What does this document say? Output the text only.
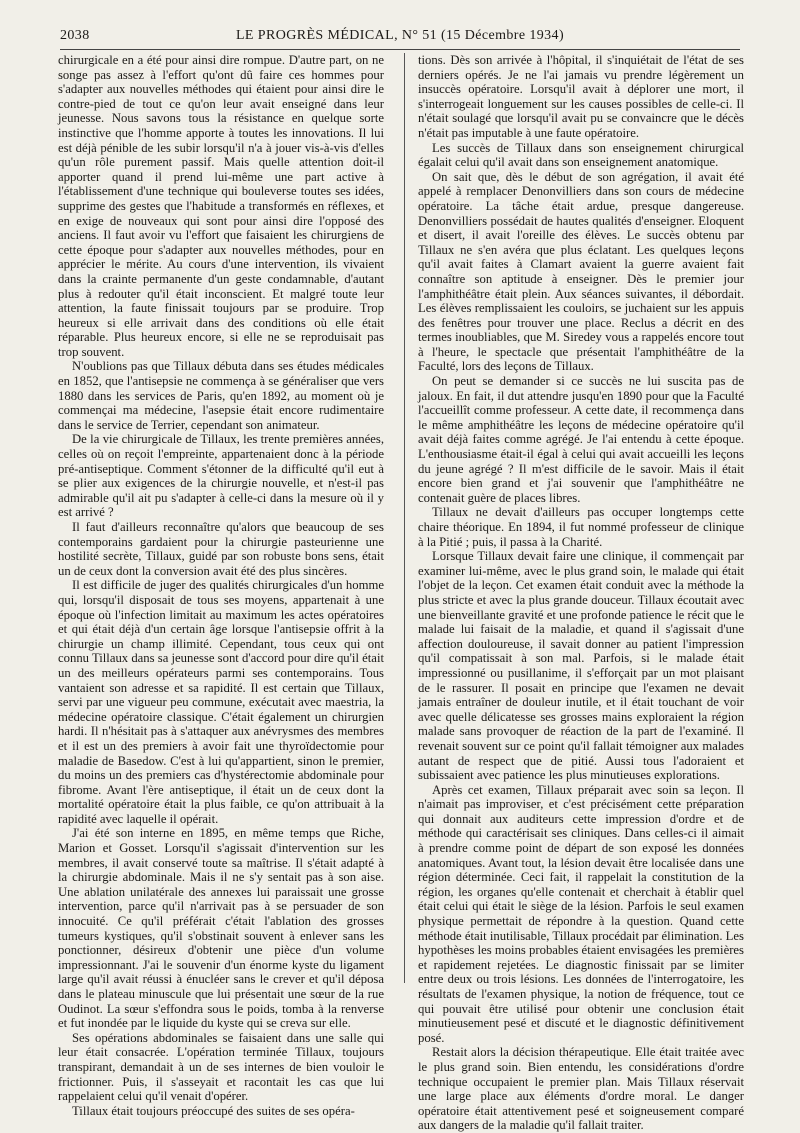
2038	LE PROGRÈS MÉDICAL, N° 51 (15 Décembre 1934)

chirurgicale en a été pour ainsi dire rompue. D'autre part, on ne songe pas assez à l'effort qu'ont dû faire ces hommes pour s'adapter aux nouvelles méthodes qui étaient pour ainsi dire le contre-pied de tout ce qu'on leur avait enseigné dans leur jeunesse. Nous savons tous la résistance en quelque sorte instinctive que l'homme apporte à toutes les innovations. Il lui est déjà pénible de les subir lorsqu'il n'a à jouer vis-à-vis d'elles qu'un rôle purement passif. Mais quelle attention doit-il apporter quand il prend lui-même une part active à l'établissement d'une technique qui bouleverse toutes ses idées, supprime des gestes que l'habitude a transformés en réflexes, et en exige de nouveaux qui sont pour ainsi dire l'opposé des anciens. Il faut avoir vu l'effort que faisaient les chirurgiens de cette époque pour s'adapter aux nouvelles méthodes, pour en apprécier le mérite. Au cours d'une intervention, ils vivaient dans la crainte permanente d'un geste condamnable, d'autant plus à redouter qu'il était inconscient. Et malgré toute leur attention, la faute finissait toujours par se produire. Trop heureux si elle arrivait dans des conditions où elle était réparable. Plus heureux encore, si elle ne se reproduisait pas trop souvent.

N'oublions pas que Tillaux débuta dans ses études médicales en 1852, que l'antisepsie ne commença à se généraliser que vers 1880 dans les services de Paris, qu'en 1892, au moment où je commençai ma médecine, l'asepsie était encore rudimentaire dans le service de Terrier, cependant son animateur.

De la vie chirurgicale de Tillaux, les trente premières années, celles où on reçoit l'empreinte, appartenaient donc à la période pré-antiseptique. Comment s'étonner de la difficulté qu'il eut à se plier aux exigences de la chirurgie nouvelle, et n'est-il pas admirable qu'il ait pu s'adapter à celle-ci dans la mesure où il y est arrivé ?

Il faut d'ailleurs reconnaître qu'alors que beaucoup de ses contemporains gardaient pour la chirurgie pasteurienne une hostilité secrète, Tillaux, guidé par son robuste bons sens, était un de ceux dont la conversion avait été des plus sincères.

Il est difficile de juger des qualités chirurgicales d'un homme qui, lorsqu'il disposait de tous ses moyens, appartenait à une époque où l'infection limitait au maximum les actes opératoires et qui était déjà d'un certain âge lorsque l'antisepsie offrit à la chirurgie un champ illimité. Cependant, tous ceux qui ont connu Tillaux dans sa jeunesse sont d'accord pour dire qu'il était un des meilleurs opérateurs parmi ses contemporains. Tous vantaient son adresse et sa rapidité. Il est certain que Tillaux, servi par une vigueur peu commune, exécutait avec maestria, la médecine opératoire classique. C'était également un chirurgien hardi. Il n'hésitait pas à s'attaquer aux anévrysmes des membres et il est un des premiers à avoir fait une thyroïdectomie pour maladie de Basedow. C'est à lui qu'appartient, sinon le premier, du moins un des premiers cas d'hystérectomie abdominale pour fibrome. Avant l'ère antiseptique, il était un de ceux dont la mortalité opératoire était la plus faible, ce qu'on attribuait à la rapidité avec laquelle il opérait.

J'ai été son interne en 1895, en même temps que Riche, Marion et Gosset. Lorsqu'il s'agissait d'intervention sur les membres, il avait conservé toute sa maîtrise. Il s'était adapté à la chirurgie abdominale. Mais il ne s'y sentait pas à son aise. Une ablation unilatérale des annexes lui paraissait une grosse intervention, parce qu'il n'arrivait pas à se persuader de son innocuité. Ce qu'il préférait c'était l'ablation des grosses tumeurs kystiques, qu'il s'obstinait souvent à enlever sans les ponctionner, désireux d'obtenir une pièce d'un volume impressionnant. J'ai le souvenir d'un énorme kyste du ligament large qu'il avait réussi à énucléer sans le crever et qu'il déposa dans le plateau minuscule que lui présentait une sœur de la rue Oudinot. La sœur s'effondra sous le poids, tomba à la renverse et fut inondée par le liquide du kyste qui se creva sur elle.

Ses opérations abdominales se faisaient dans une salle qui leur était consacrée. L'opération terminée Tillaux, toujours transpirant, demandait à un de ses internes de bien vouloir le frictionner. Puis, il s'asseyait et racontait les cas que lui rappelaient celui qu'il venait d'opérer.

Tillaux était toujours préoccupé des suites de ses opéra-

tions. Dès son arrivée à l'hôpital, il s'inquiétait de l'état de ses derniers opérés. Je ne l'ai jamais vu prendre légèrement un insuccès opératoire. Lorsqu'il avait à déplorer une mort, il s'interrogeait longuement sur les causes possibles de celle-ci. Il n'était soulagé que lorsqu'il avait pu se convaincre que le décès n'était pas imputable à une faute opératoire.

Les succès de Tillaux dans son enseignement chirurgical égalait celui qu'il avait dans son enseignement anatomique.

On sait que, dès le début de son agrégation, il avait été appelé à remplacer Denonvilliers dans son cours de médecine opératoire. La tâche était ardue, presque dangereuse. Denonvilliers possédait de hautes qualités d'enseigner. Eloquent et disert, il avait l'oreille des élèves. Le succès obtenu par Tillaux ne s'en avéra que plus éclatant. Les quelques leçons qu'il avait faites à Clamart avaient la guerre avaient fait connaître son aptitude à enseigner. Dès le premier jour l'amphithéâtre était plein. Aux séances suivantes, il débordait. Les élèves remplissaient les couloirs, se juchaient sur les appuis des fenêtres pour trouver une place. Reclus a décrit en des termes inoubliables, que M. Siredey vous a rappelés encore tout à l'heure, le spectacle que présentait l'amphithéâtre de la Faculté, lors des leçons de Tillaux.

On peut se demander si ce succès ne lui suscita pas de jaloux. En fait, il dut attendre jusqu'en 1890 pour que la Faculté l'accueillît comme professeur. A cette date, il recommença dans le même amphithéâtre les leçons de médecine opératoire qu'il avait déjà faites comme agrégé. Je l'ai entendu à cette époque. L'enthousiasme était-il égal à celui qui avait accueilli les leçons du jeune agrégé ? Il m'est difficile de le savoir. Mais il était encore bien grand et j'ai souvenir que l'amphithéâtre ne contenait guère de places libres.

Tillaux ne devait d'ailleurs pas occuper longtemps cette chaire théorique. En 1894, il fut nommé professeur de clinique à la Pitié ; puis, il passa à la Charité.

Lorsque Tillaux devait faire une clinique, il commençait par examiner lui-même, avec le plus grand soin, le malade qui était l'objet de la leçon. Cet examen était conduit avec la méthode la plus stricte et avec la plus grande douceur. Tillaux écoutait avec une bienveillante gravité et une profonde patience le récit que le malade lui faisait de la maladie, et quand il s'agissait d'une affection douloureuse, il savait donner au patient l'impression qu'il compatissait à son mal. Parfois, si le malade était impressionné ou pusillanime, il s'efforçait par un mot plaisant de le rassurer. Il posait en principe que l'examen ne devait jamais entraîner de douleur inutile, et il était touchant de voir avec quelle délicatesse ses grosses mains exploraient la région malade sans provoquer de réaction de la part de l'examiné. Il revenait souvent sur ce point qu'il fallait témoigner aux malades autant de respect que de pitié. Aussi tous l'adoraient et subissaient avec patience les plus minutieuses explorations.

Après cet examen, Tillaux préparait avec soin sa leçon. Il n'aimait pas improviser, et c'est précisément cette préparation qui donnait aux auditeurs cette impression d'ordre et de méthode qui caractérisait ses cliniques. Dans celles-ci il aimait à prendre comme point de départ de son exposé les données anatomiques. Avant tout, la lésion devait être localisée dans une région déterminée. Ceci fait, il rappelait la constitution de la région, les organes qu'elle contenait et cherchait à établir quel était celui qui était le siège de la lésion. Parfois le seul examen physique permettait de répondre à la question. Quand cette méthode était inutilisable, Tillaux procédait par élimination. Les hypothèses les moins probables étaient envisagées les premières et rapidement rejetées. Le diagnostic finissait par se limiter entre deux ou trois lésions. Les données de l'interrogatoire, les résultats de l'examen physique, la notion de fréquence, tout ce qui pouvait être utilisé pour obtenir une conclusion était minutieusement pesé et discuté et le diagnostic définitivement posé.

Restait alors la décision thérapeutique. Elle était traitée avec le plus grand soin. Bien entendu, les considérations d'ordre technique occupaient le premier plan. Mais Tillaux réservait une large place aux éléments d'ordre moral. Le danger opératoire était attentivement pesé et soigneusement comparé aux dangers de la maladie qu'il fallait traiter.
